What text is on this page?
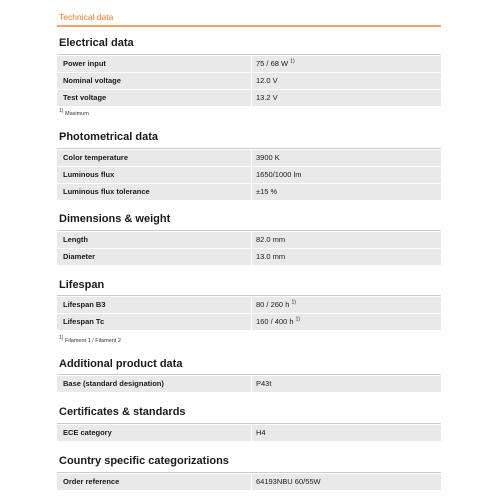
Technical data
Electrical data
Power input	75 / 68 W $^{1)}$
Nominal voltage	12.0 V
Test voltage	13.2 V
1) Maximum
Photometrical data
Color temperature	3900 K
Luminous flux	1650/1000 lm
Luminous flux tolerance	±15 %
Dimensions & weight
Length	82.0 mm
Diameter	13.0 mm
Lifespan
Lifespan B3	80 / 260 h $^{1)}$
Lifespan Tc	160 / 400 h $^{1)}$
1) Filament 1 / Filament 2
Additional product data
Base (standard designation)	P43t
Certificates & standards
ECE category	H4
Country specific categorizations
Order reference	64193NBU 60/55W
